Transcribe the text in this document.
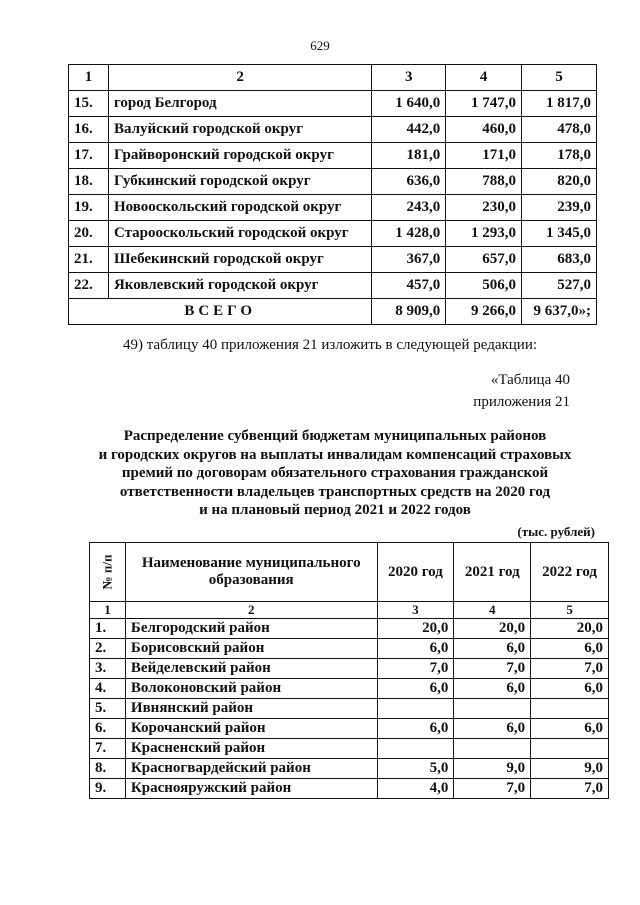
629
1	2	3	4	5
15.	город Белгород	1 640,0	1 747,0	1 817,0
16.	Валуйский городской округ	442,0	460,0	478,0
17.	Грайворонский городской округ	181,0	171,0	178,0
18.	Губкинский городской округ	636,0	788,0	820,0
19.	Новооскольский городской округ	243,0	230,0	239,0
20.	Старооскольский городской округ	1 428,0	1 293,0	1 345,0
21.	Шебекинский городской округ	367,0	657,0	683,0
22.	Яковлевский городской округ	457,0	506,0	527,0
ВСЕГО		8 909,0	9 266,0	9 637,0»;
49) таблицу 40 приложения 21 изложить в следующей редакции:
«Таблица 40
приложения 21
Распределение субвенций бюджетам муниципальных районов
и городских округов на выплаты инвалидам компенсаций страховых
премий по договорам обязательного страхования гражданской
ответственности владельцев транспортных средств на 2020 год
и на плановый период 2021 и 2022 годов
(тыс. рублей)
№ п/п	Наименование муниципального образования	2020 год	2021 год	2022 год
1	2	3	4	5
1.	Белгородский район	20,0	20,0	20,0
2.	Борисовский район	6,0	6,0	6,0
3.	Вейделевский район	7,0	7,0	7,0
4.	Волоконовский район	6,0	6,0	6,0
5.	Ивнянский район			
6.	Корочанский район	6,0	6,0	6,0
7.	Красненский район			
8.	Красногвардейский район	5,0	9,0	9,0
9.	Краснояружский район	4,0	7,0	7,0
